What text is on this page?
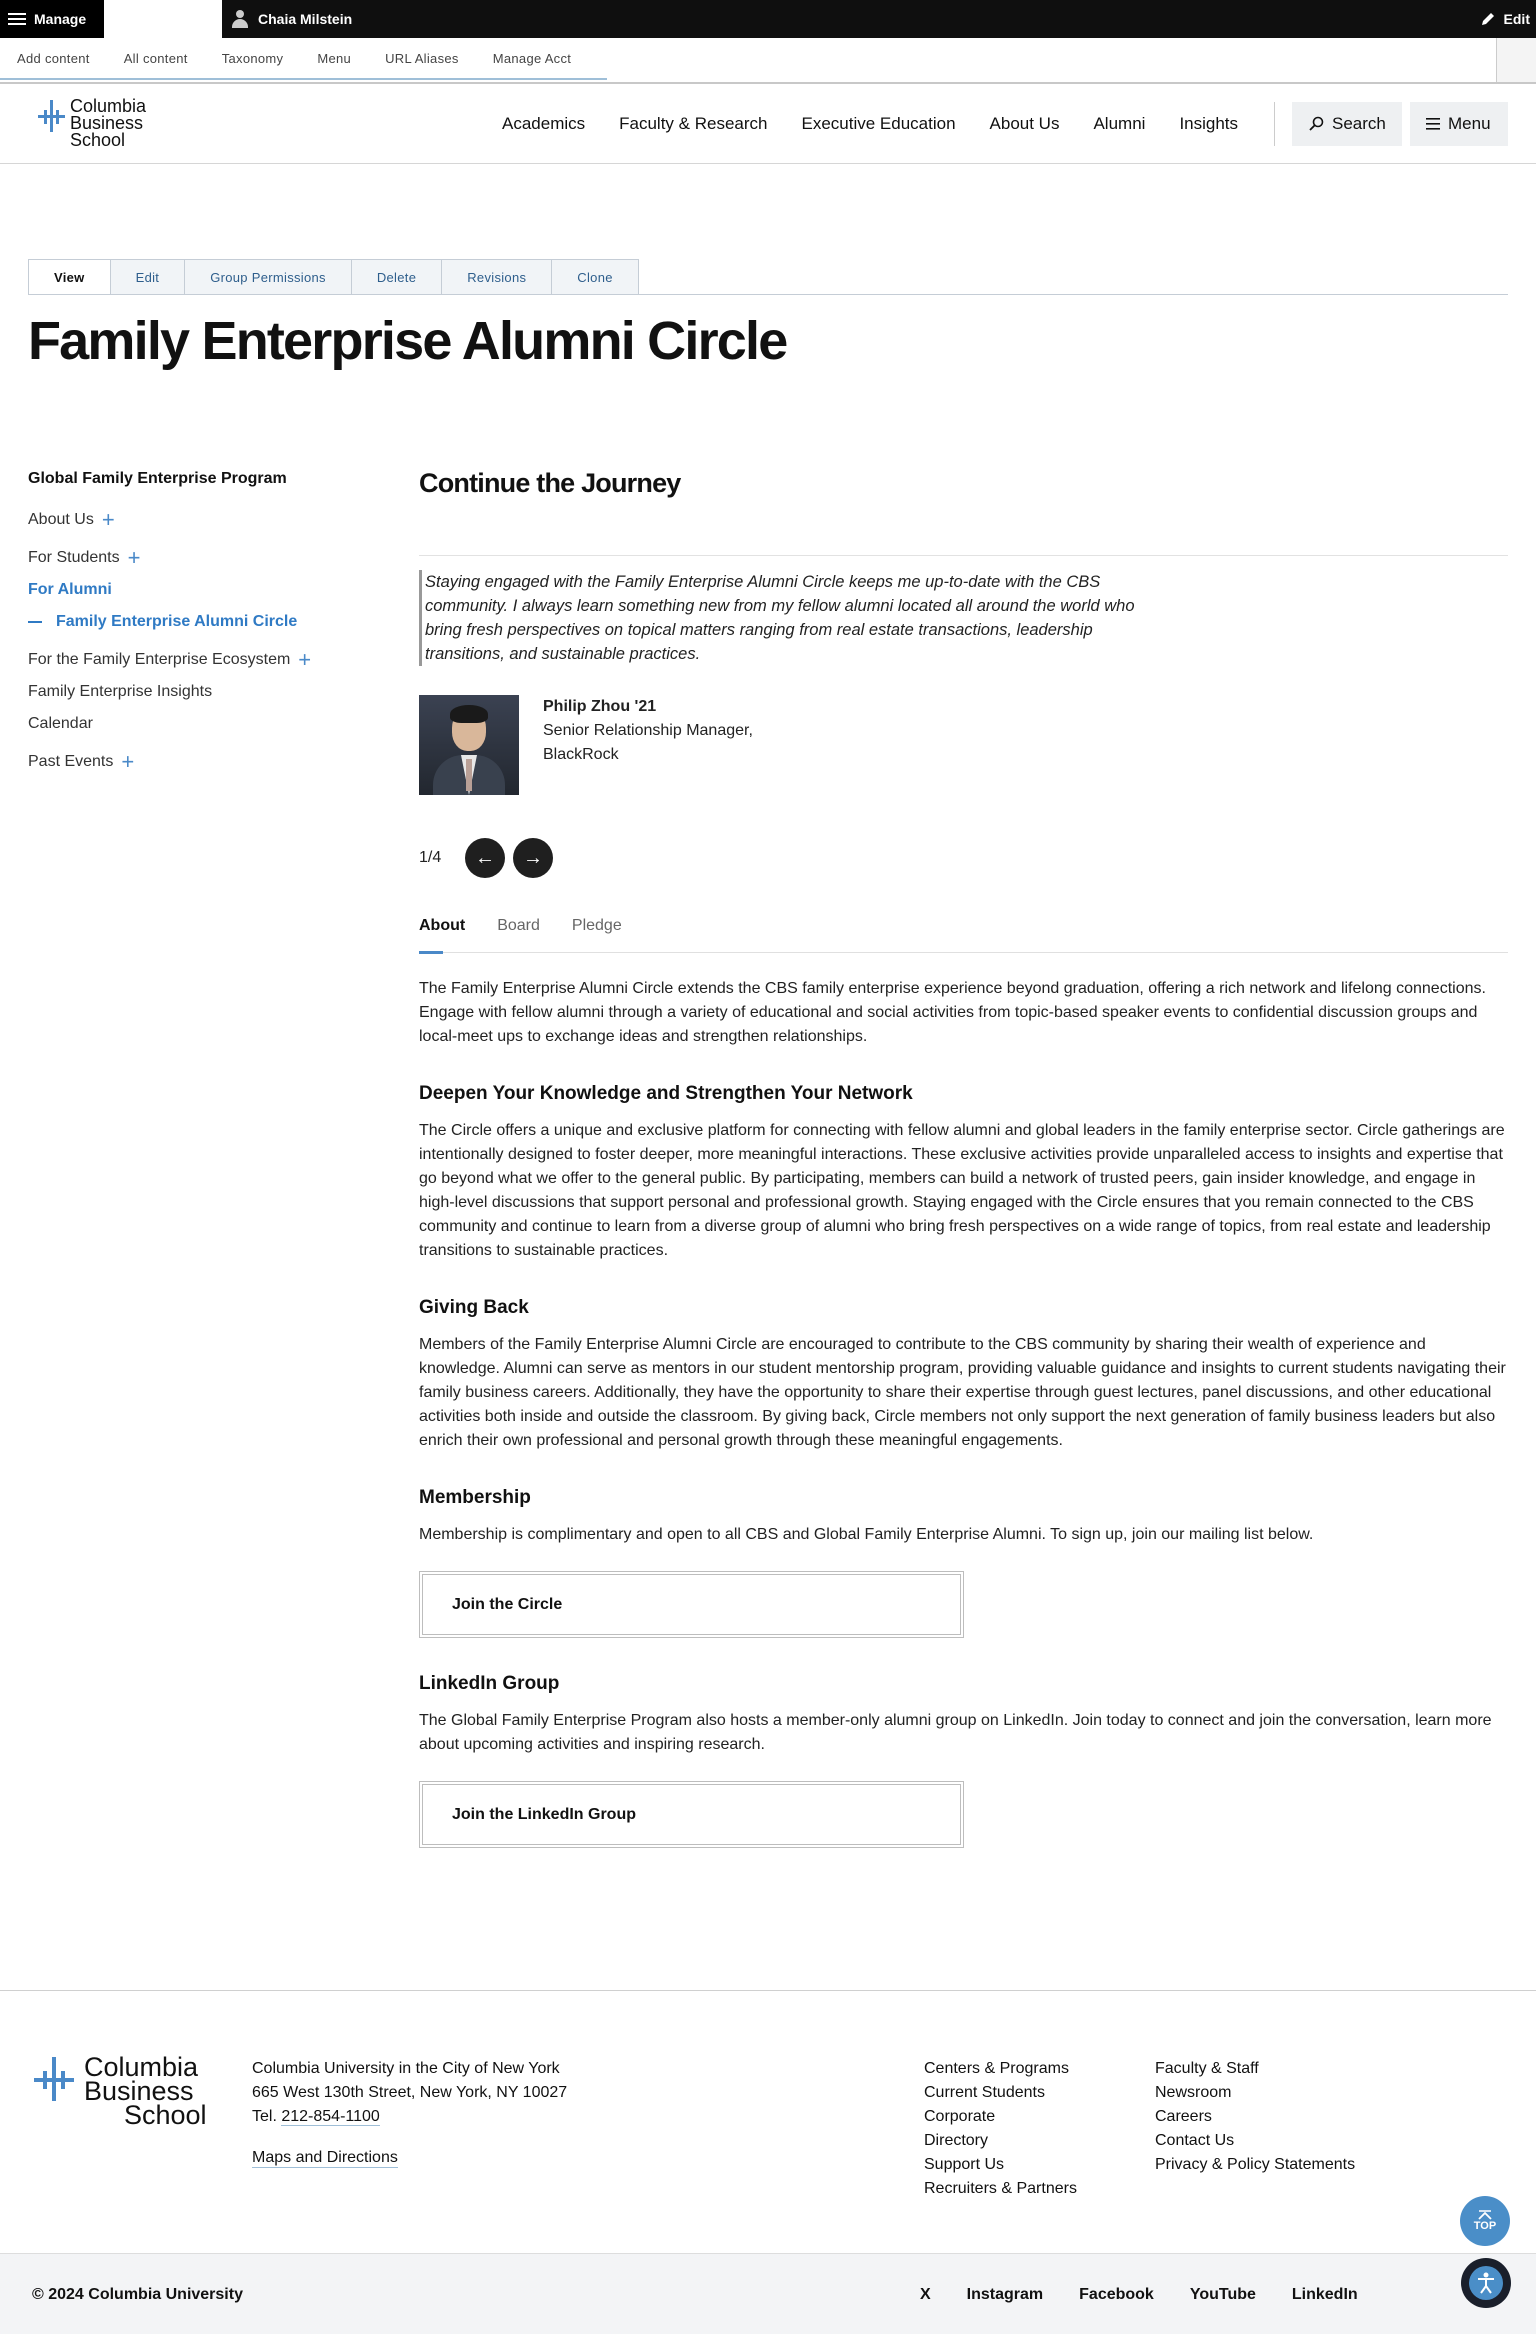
Manage	Chaia Milstein	Edit
Add content	All content	Taxonomy	Menu	URL Aliases	Manage Acct
Columbia
Business
School
Academics Faculty & Research Executive Education About Us Alumni Insights	Search	Menu
View	Edit	Group Permissions	Delete	Revisions	Clone
Family Enterprise Alumni Circle
Global Family Enterprise Program
About Us +
For Students +
For Alumni
Family Enterprise Alumni Circle
For the Family Enterprise Ecosystem +
Family Enterprise Insights
Calendar
Past Events +
Continue the Journey
Staying engaged with the Family Enterprise Alumni Circle keeps me up-to-date with the CBS community. I always learn something new from my fellow alumni located all around the world who bring fresh perspectives on topical matters ranging from real estate transactions, leadership transitions, and sustainable practices.
Philip Zhou '21
Senior Relationship Manager,
BlackRock
1/4	←	→
About Board Pledge

The Family Enterprise Alumni Circle extends the CBS family enterprise experience beyond graduation, offering a rich network and lifelong connections. Engage with fellow alumni through a variety of educational and social activities from topic-based speaker events to confidential discussion groups and local-meet ups to exchange ideas and strengthen relationships.

Deepen Your Knowledge and Strengthen Your Network

The Circle offers a unique and exclusive platform for connecting with fellow alumni and global leaders in the family enterprise sector. Circle gatherings are intentionally designed to foster deeper, more meaningful interactions. These exclusive activities provide unparalleled access to insights and expertise that go beyond what we offer to the general public. By participating, members can build a network of trusted peers, gain insider knowledge, and engage in high-level discussions that support personal and professional growth. Staying engaged with the Circle ensures that you remain connected to the CBS community and continue to learn from a diverse group of alumni who bring fresh perspectives on a wide range of topics, from real estate and leadership transitions to sustainable practices.

Giving Back

Members of the Family Enterprise Alumni Circle are encouraged to contribute to the CBS community by sharing their wealth of experience and knowledge. Alumni can serve as mentors in our student mentorship program, providing valuable guidance and insights to current students navigating their family business careers. Additionally, they have the opportunity to share their expertise through guest lectures, panel discussions, and other educational activities both inside and outside the classroom. By giving back, Circle members not only support the next generation of family business leaders but also enrich their own professional and personal growth through these meaningful engagements.

Membership

Membership is complimentary and open to all CBS and Global Family Enterprise Alumni. To sign up, join our mailing list below.

Join the Circle
LinkedIn Group

The Global Family Enterprise Program also hosts a member-only alumni group on LinkedIn. Join today to connect and join the conversation, learn more about upcoming activities and inspiring research.

Join the LinkedIn Group
Columbia
Business
School
Columbia University in the City of New York
665 West 130th Street, New York, NY 10027
Tel. 212-854-1100
Maps and Directions
Centers & Programs
Current Students
Corporate
Directory
Support Us
Recruiters & Partners
Faculty & Staff
Newsroom
Careers
Contact Us
Privacy & Policy Statements
TOP
© 2024 Columbia University	X Instagram Facebook YouTube LinkedIn
